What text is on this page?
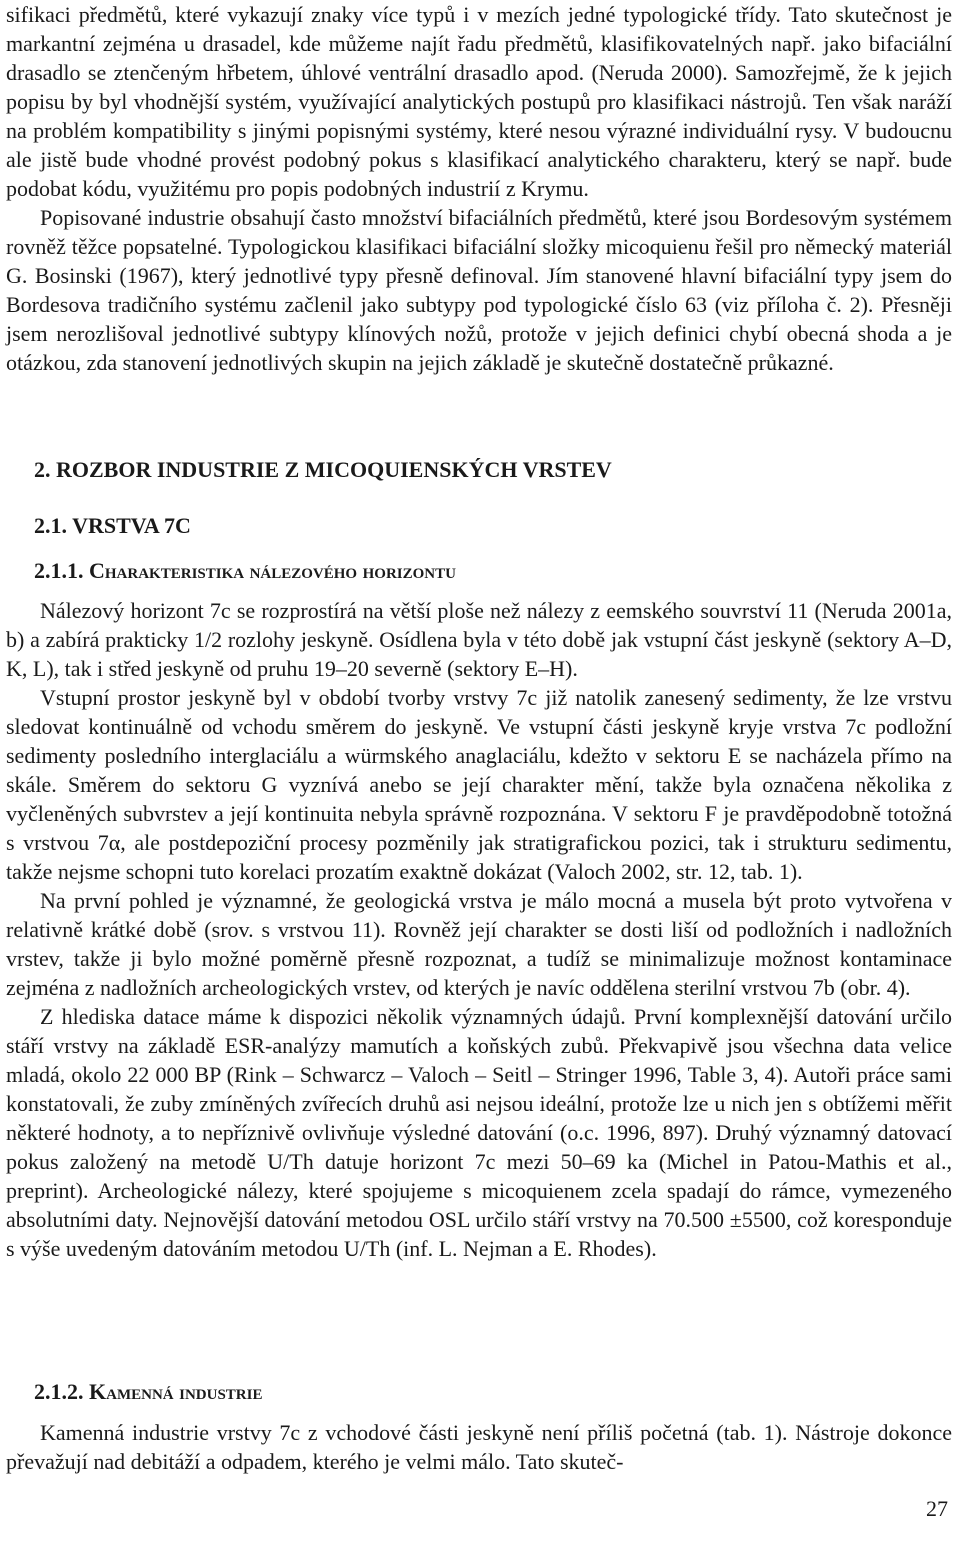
sifikaci předmětů, které vykazují znaky více typů i v mezích jedné typologické třídy. Tato skutečnost je markantní zejména u drasadel, kde můžeme najít řadu předmětů, klasifikovatelných např. jako bifaciální drasadlo se ztenčeným hřbetem, úhlové ventrální drasadlo apod. (Neruda 2000). Samozřejmě, že k jejich popisu by byl vhodnější systém, využívající analytických postupů pro klasifikaci nástrojů. Ten však naráží na problém kompatibility s jinými popisnými systémy, které nesou výrazné individuální rysy. V budoucnu ale jistě bude vhodné provést podobný pokus s klasifikací analytického charakteru, který se např. bude podobat kódu, využitému pro popis podobných industrií z Krymu.

Popisované industrie obsahují často množství bifaciálních předmětů, které jsou Bordesovým systémem rovněž těžce popsatelné. Typologickou klasifikaci bifaciální složky micoquienu řešil pro německý materiál G. Bosinski (1967), který jednotlivé typy přesně definoval. Jím stanovené hlavní bifaciální typy jsem do Bordesova tradičního systému začlenil jako subtypy pod typologické číslo 63 (viz příloha č. 2). Přesněji jsem nerozlišoval jednotlivé subtypy klínových nožů, protože v jejich definici chybí obecná shoda a je otázkou, zda stanovení jednotlivých skupin na jejich základě je skutečně dostatečně průkazné.

2. ROZBOR INDUSTRIE Z MICOQUIENSKÝCH VRSTEV
2.1. VRSTVA 7C
2.1.1. Charakteristika nálezového horizontu

Nálezový horizont 7c se rozprostírá na větší ploše než nálezy z eemského souvrství 11 (Neruda 2001a, b) a zabírá prakticky 1/2 rozlohy jeskyně. Osídlena byla v této době jak vstupní část jeskyně (sektory A–D, K, L), tak i střed jeskyně od pruhu 19–20 severně (sektory E–H).

Vstupní prostor jeskyně byl v období tvorby vrstvy 7c již natolik zanesený sedimenty, že lze vrstvu sledovat kontinuálně od vchodu směrem do jeskyně. Ve vstupní části jeskyně kryje vrstva 7c podložní sedimenty posledního interglaciálu a würmského anaglaciálu, kdežto v sektoru E se nacházela přímo na skále. Směrem do sektoru G vyznívá anebo se její charakter mění, takže byla označena několika z vyčleněných subvrstev a její kontinuita nebyla správně rozpoznána. V sektoru F je pravděpodobně totožná s vrstvou 7α, ale postdepoziční procesy pozměnily jak stratigrafickou pozici, tak i strukturu sedimentu, takže nejsme schopni tuto korelaci prozatím exaktně dokázat (Valoch 2002, str. 12, tab. 1).

Na první pohled je významné, že geologická vrstva je málo mocná a musela být proto vytvořena v relativně krátké době (srov. s vrstvou 11). Rovněž její charakter se dosti liší od podložních i nadložních vrstev, takže ji bylo možné poměrně přesně rozpoznat, a tudíž se minimalizuje možnost kontaminace zejména z nadložních archeologických vrstev, od kterých je navíc oddělena sterilní vrstvou 7b (obr. 4).

Z hlediska datace máme k dispozici několik významných údajů. První komplexnější datování určilo stáří vrstvy na základě ESR-analýzy mamutích a koňských zubů. Překvapivě jsou všechna data velice mladá, okolo 22 000 BP (Rink – Schwarcz – Valoch – Seitl – Stringer 1996, Table 3, 4). Autoři práce sami konstatovali, že zuby zmíněných zvířecích druhů asi nejsou ideální, protože lze u nich jen s obtížemi měřit některé hodnoty, a to nepříznivě ovlivňuje výsledné datování (o.c. 1996, 897). Druhý významný datovací pokus založený na metodě U/Th datuje horizont 7c mezi 50–69 ka (Michel in Patou-Mathis et al., preprint). Archeologické nálezy, které spojujeme s micoquienem zcela spadají do rámce, vymezeného absolutními daty. Nejnovější datování metodou OSL určilo stáří vrstvy na 70.500 ±5500, což koresponduje s výše uvedeným datováním metodou U/Th (inf. L. Nejman a E. Rhodes).

2.1.2. Kamenná industrie

Kamenná industrie vrstvy 7c z vchodové části jeskyně není příliš početná (tab. 1). Nástroje dokonce převažují nad debitáží a odpadem, kterého je velmi málo. Tato skuteč-

27
